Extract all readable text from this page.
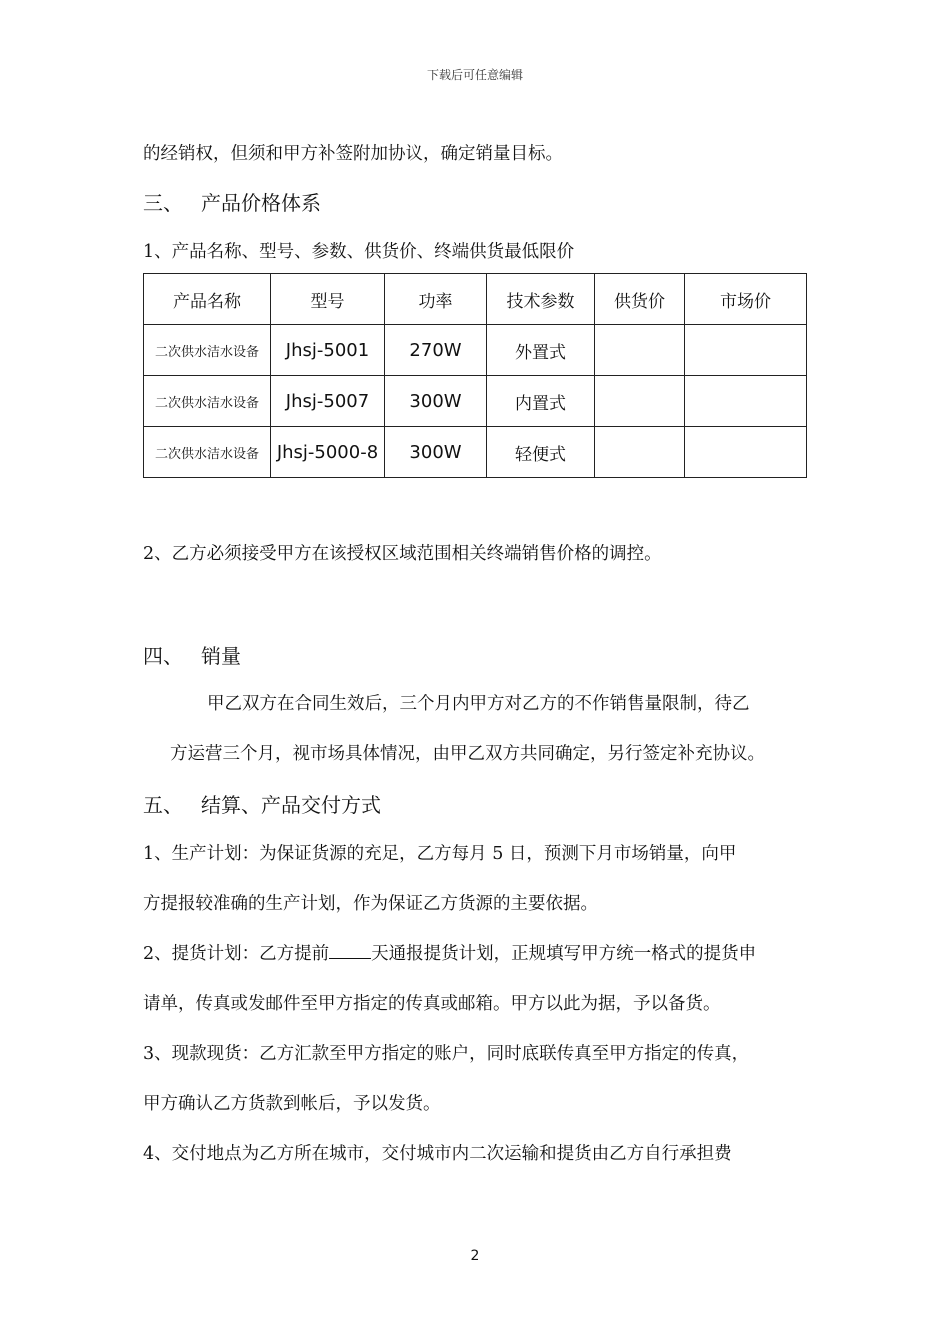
下载后可任意编辑
的经销权，但须和甲方补签附加协议，确定销量目标。
三、 产品价格体系
1、产品名称、型号、参数、供货价、终端供货最低限价
产品名称	型号	功率	技术参数	供货价	市场价
二次供水洁水设备	Jhsj-5001	270W	外置式		
二次供水洁水设备	Jhsj-5007	300W	内置式		
二次供水洁水设备	Jhsj-5000-8	300W	轻便式		
2、乙方必须接受甲方在该授权区域范围相关终端销售价格的调控。
四、 销量
甲乙双方在合同生效后，三个月内甲方对乙方的不作销售量限制，待乙
方运营三个月，视市场具体情况，由甲乙双方共同确定，另行签定补充协议。
五、 结算、产品交付方式
1、生产计划：为保证货源的充足，乙方每月 5 日，预测下月市场销量，向甲
方提报较准确的生产计划，作为保证乙方货源的主要依据。
2、提货计划：乙方提前 天通报提货计划，正规填写甲方统一格式的提货申
请单，传真或发邮件至甲方指定的传真或邮箱。甲方以此为据，予以备货。
3、现款现货：乙方汇款至甲方指定的账户，同时底联传真至甲方指定的传真，
甲方确认乙方货款到帐后，予以发货。
4、交付地点为乙方所在城市，交付城市内二次运输和提货由乙方自行承担费
2
